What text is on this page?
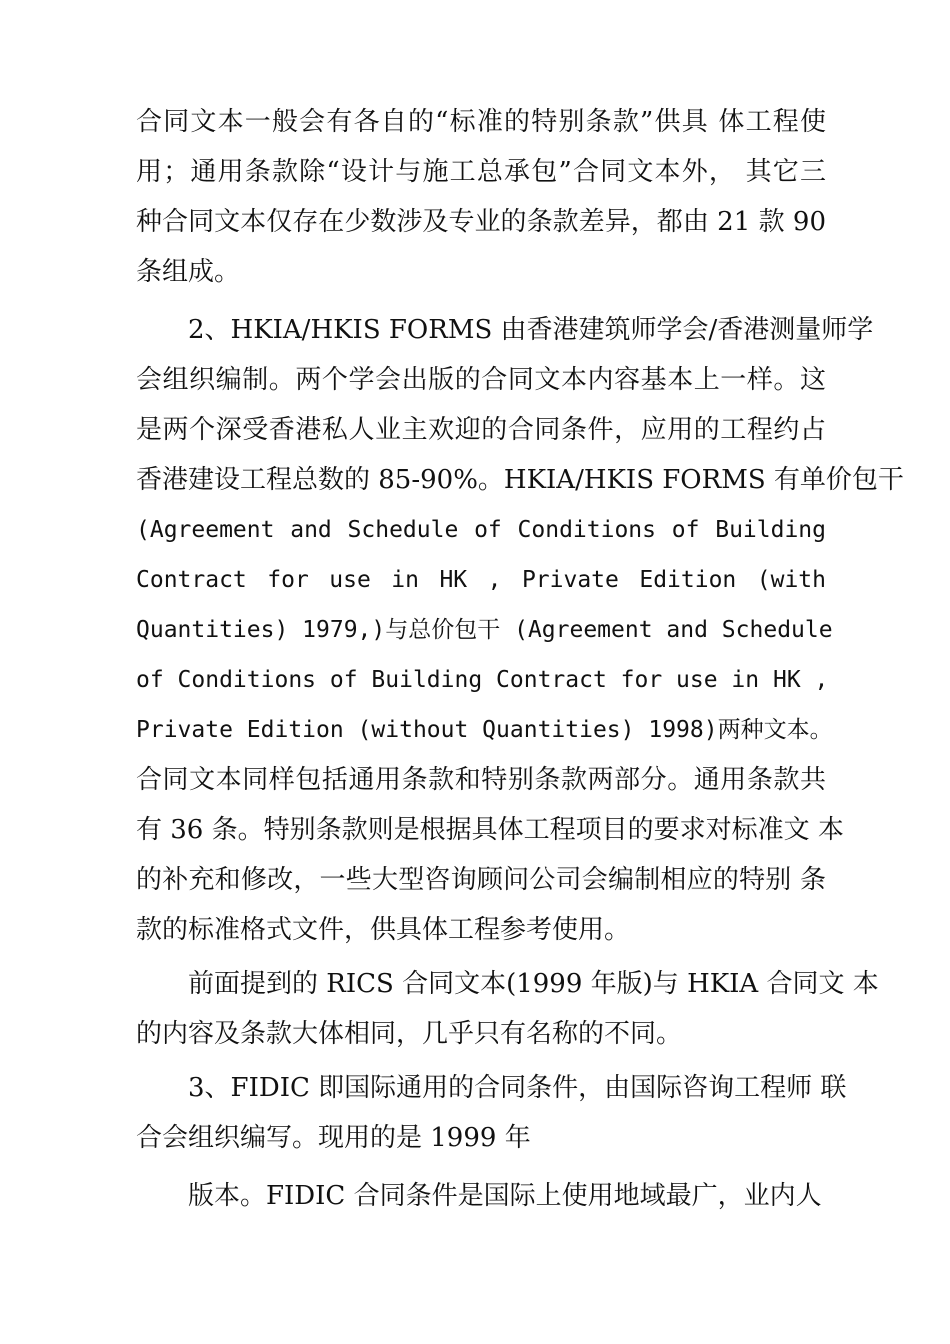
合同文本一般会有各自的“标准的特别条款”供具 体工程使
用；通用条款除“设计与施工总承包”合同文本外， 其它三
种合同文本仅存在少数涉及专业的条款差异，都由 21 款 90
条组成。
2、HKIA/HKIS FORMS 由香港建筑师学会/香港测量师学
会组织编制。两个学会出版的合同文本内容基本上一样。这
是两个深受香港私人业主欢迎的合同条件，应用的工程约占
香港建设工程总数的 85-90%。HKIA/HKIS FORMS 有单价包干
(Agreement and Schedule of Conditions of Building
Contract for use in HK , Private Edition (with
Quantities) 1979,)与总价包干 (Agreement and Schedule
of Conditions of Building Contract for use in HK ,
Private Edition (without Quantities) 1998)两种文本。
合同文本同样包括通用条款和特别条款两部分。通用条款共
有 36 条。特别条款则是根据具体工程项目的要求对标准文 本
的补充和修改，一些大型咨询顾问公司会编制相应的特别 条
款的标准格式文件，供具体工程参考使用。
前面提到的 RICS 合同文本(1999 年版)与 HKIA 合同文 本
的内容及条款大体相同，几乎只有名称的不同。
3、FIDIC 即国际通用的合同条件，由国际咨询工程师 联
合会组织编写。现用的是 1999 年
版本。FIDIC 合同条件是国际上使用地域最广，业内人
